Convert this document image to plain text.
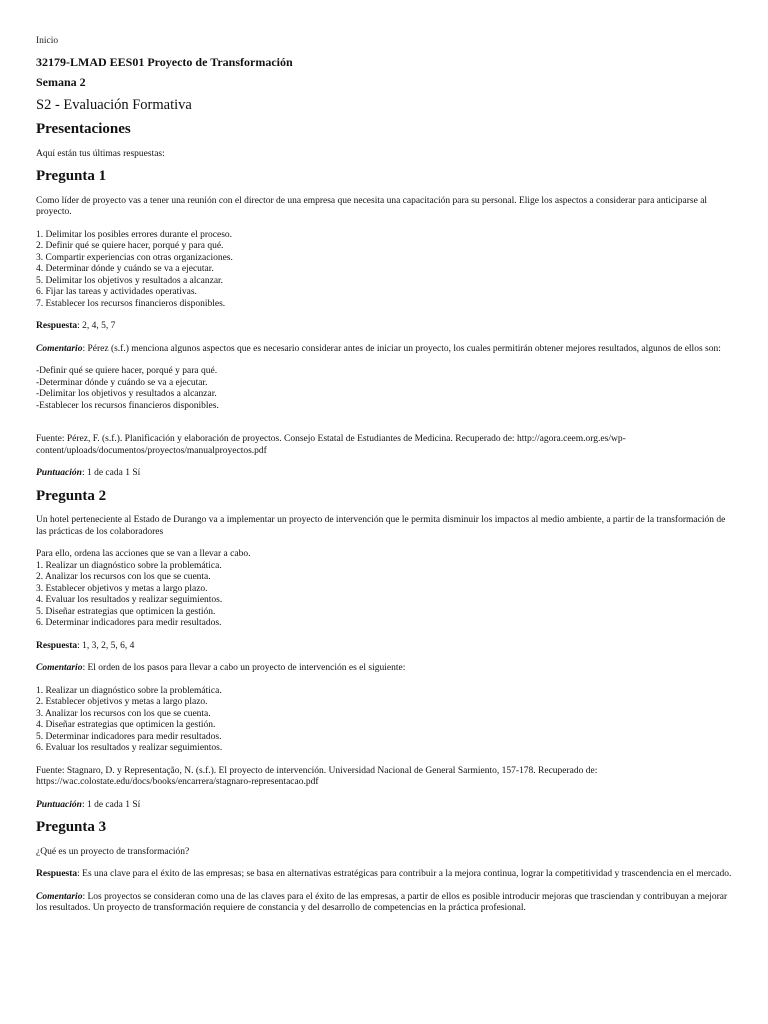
Inicio
32179-LMAD EES01 Proyecto de Transformación
Semana 2
S2 - Evaluación Formativa
Presentaciones
Aquí están tus últimas respuestas:
Pregunta 1
Como líder de proyecto vas a tener una reunión con el director de una empresa que necesita una capacitación para su personal. Elige los aspectos a considerar para anticiparse al proyecto.
1. Delimitar los posibles errores durante el proceso.
2. Definir qué se quiere hacer, porqué y para qué.
3. Compartir experiencias con otras organizaciones.
4. Determinar dónde y cuándo se va a ejecutar.
5. Delimitar los objetivos y resultados a alcanzar.
6. Fijar las tareas y actividades operativas.
7. Establecer los recursos financieros disponibles.
Respuesta: 2, 4, 5, 7
Comentario: Pérez (s.f.) menciona algunos aspectos que es necesario considerar antes de iniciar un proyecto, los cuales permitirán obtener mejores resultados, algunos de ellos son:
-Definir qué se quiere hacer, porqué y para qué.
-Determinar dónde y cuándo se va a ejecutar.
-Delimitar los objetivos y resultados a alcanzar.
-Establecer los recursos financieros disponibles.
Fuente: Pérez, F. (s.f.). Planificación y elaboración de proyectos. Consejo Estatal de Estudiantes de Medicina. Recuperado de: http://agora.ceem.org.es/wp-content/uploads/documentos/proyectos/manualproyectos.pdf
Puntuación: 1 de cada 1 Sí
Pregunta 2
Un hotel perteneciente al Estado de Durango va a implementar un proyecto de intervención que le permita disminuir los impactos al medio ambiente, a partir de la transformación de las prácticas de los colaboradores
Para ello, ordena las acciones que se van a llevar a cabo.
1. Realizar un diagnóstico sobre la problemática.
2. Analizar los recursos con los que se cuenta.
3. Establecer objetivos y metas a largo plazo.
4. Evaluar los resultados y realizar seguimientos.
5. Diseñar estrategias que optimicen la gestión.
6. Determinar indicadores para medir resultados.
Respuesta: 1, 3, 2, 5, 6, 4
Comentario: El orden de los pasos para llevar a cabo un proyecto de intervención es el siguiente:
1. Realizar un diagnóstico sobre la problemática.
2. Establecer objetivos y metas a largo plazo.
3. Analizar los recursos con los que se cuenta.
4. Diseñar estrategias que optimicen la gestión.
5. Determinar indicadores para medir resultados.
6. Evaluar los resultados y realizar seguimientos.
Fuente: Stagnaro, D. y Representação, N. (s.f.). El proyecto de intervención. Universidad Nacional de General Sarmiento, 157-178. Recuperado de: https://wac.colostate.edu/docs/books/encarrera/stagnaro-representacao.pdf
Puntuación: 1 de cada 1 Sí
Pregunta 3
¿Qué es un proyecto de transformación?
Respuesta: Es una clave para el éxito de las empresas; se basa en alternativas estratégicas para contribuir a la mejora continua, lograr la competitividad y trascendencia en el mercado.
Comentario: Los proyectos se consideran como una de las claves para el éxito de las empresas, a partir de ellos es posible introducir mejoras que trasciendan y contribuyan a mejorar los resultados. Un proyecto de transformación requiere de constancia y del desarrollo de competencias en la práctica profesional.
